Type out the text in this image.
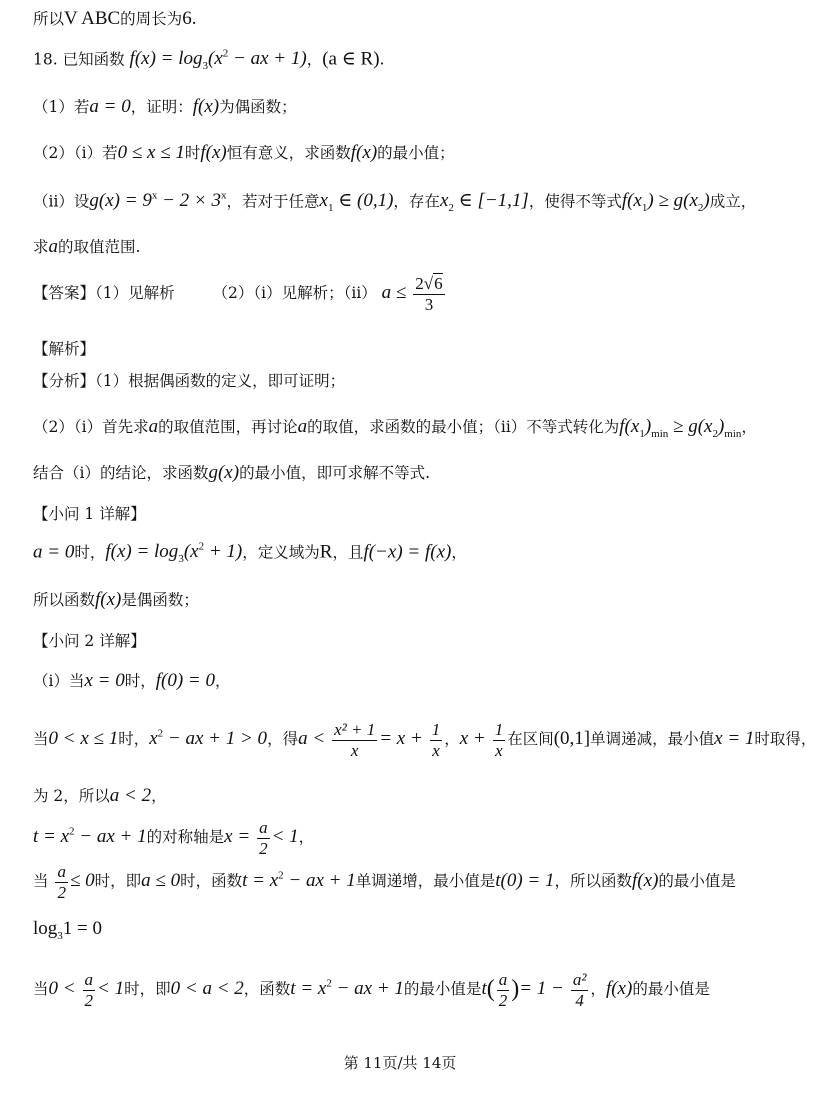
所以V ABC的周长为6.
18. 已知函数 $f(x) = \log_3(x^2$ − ax + 1)，(a ∈ R).
（1）若a = 0，证明：f(x)为偶函数；
（2）（i）若0 ≤ x ≤ 1时f(x)恒有意义，求函数f(x)的最小值；
（ii）设$g(x) = 9^x - 2 \times 3^x$，若对于任意$x_1$ ∈ (0,1)，存在$x_2$ ∈ [−1,1]，使得不等式$f(x_1) \ge g(x_2)$成立，
求a的取值范围.
【答案】（1）见解析 （2）（ⅰ）见解析；（ⅱ） $a \le \frac{2√6}{3}$
【解析】
【分析】（1）根据偶函数的定义，即可证明；
（2）（ⅰ）首先求a的取值范围，再讨论a的取值，求函数的最小值；（ⅱ）不等式转化为$f(x_1)_{min} \ge g(x_2)_{min}$，
结合（ⅰ）的结论，求函数g(x)的最小值，即可求解不等式.
【小问 1 详解】
a = 0时，$f(x) = \log_3(x^2 + 1)$，定义域为R，且f(−x) = f(x)，
所以函数f(x)是偶函数；
【小问 2 详解】
（ⅰ）当x = 0时，f(0) = 0，
当0 < x ≤ 1时，$x^2$ − ax + 1 > 0，得$a < \frac{\text{x² + 1}}{x} = x + \frac{1}{x}$ ，$x + \frac{1}{x}$ 在区间(0,1]单调递减，最小值x = 1时取得，
为 2，所以a < 2，
$t = x^2$ − ax + 1的对称轴是$x = \frac{a}{2} < 1$，
当 $\frac{a}{2} \le 0$时，即a ≤ 0时，函数$t = x^2$ − ax + 1单调递增，最小值是t(0) = 1，所以函数f(x)的最小值是
$\log_31 = 0$
当$0 < \frac{a}{2} < 1$时，即0 < a < 2，函数$t = x^2$ − ax + 1的最小值是$t( \frac{a}{2}$ )= $1 - \frac{\text{a²}}{4}$ ，f(x)的最小值是
第 11页/共 14页
